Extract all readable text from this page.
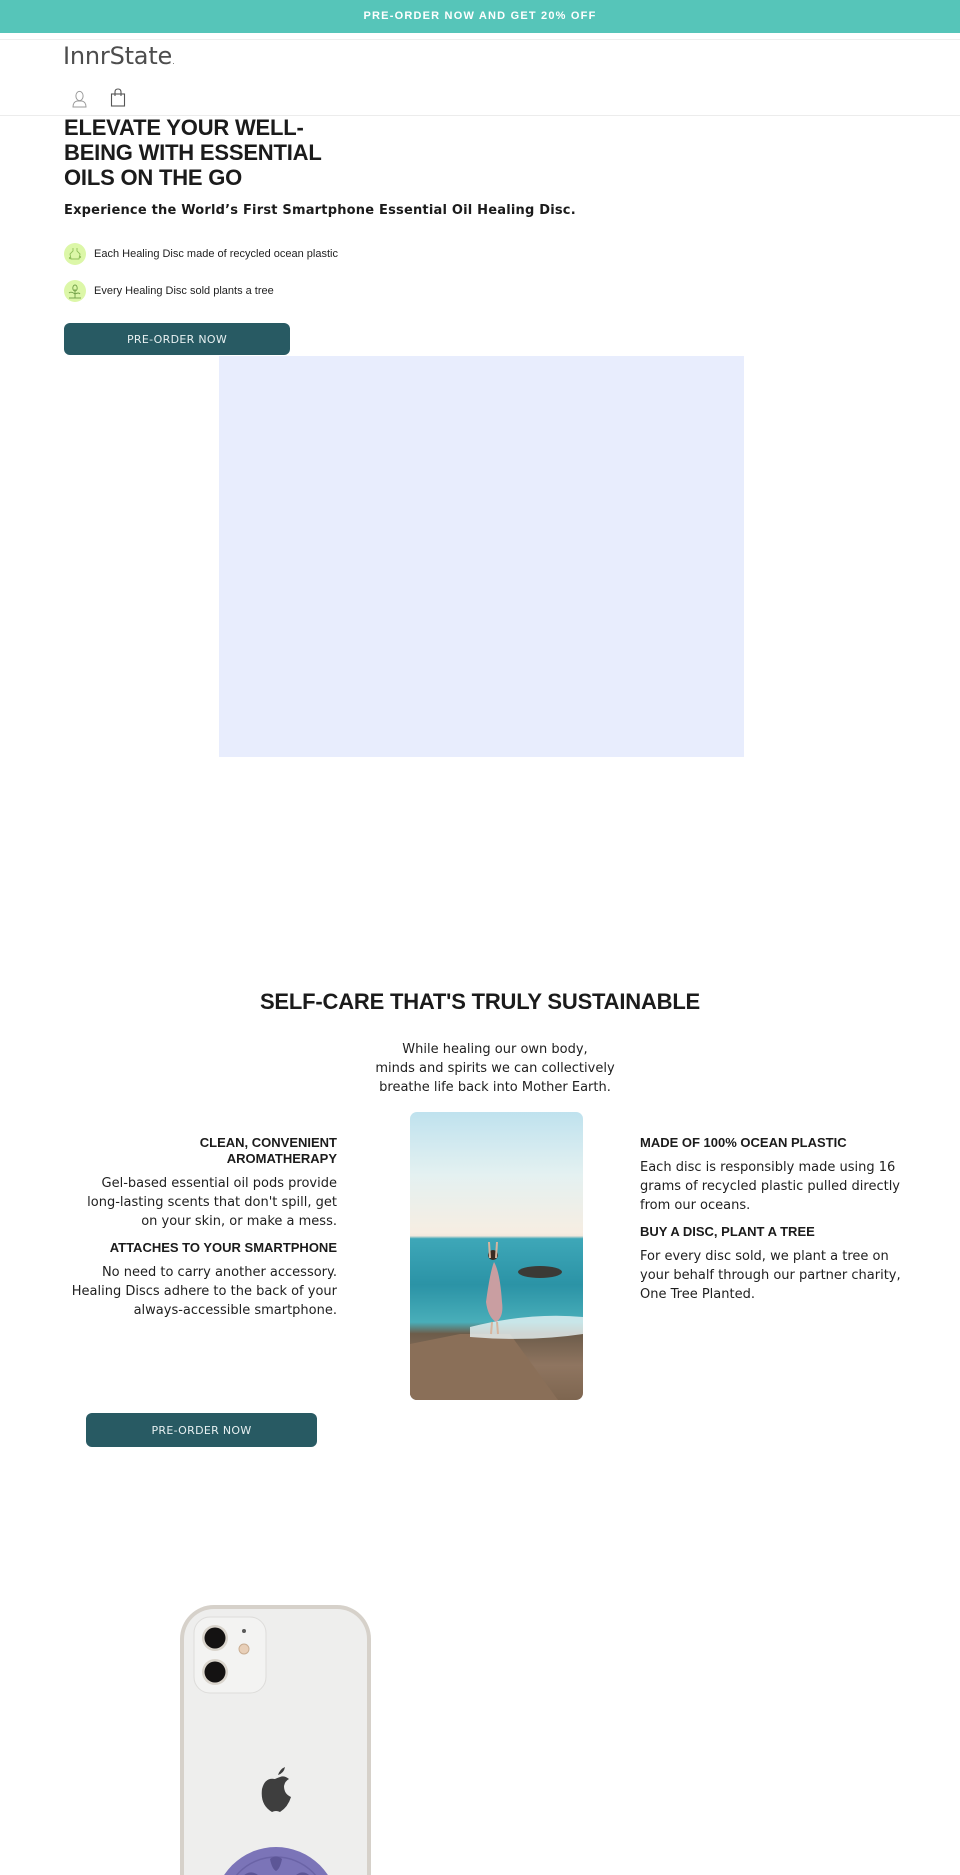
PRE-ORDER NOW AND GET 20% OFF
InnrState.
ELEVATE YOUR WELL-
BEING WITH ESSENTIAL
OILS ON THE GO
Experience the World’s First Smartphone Essential Oil Healing Disc.
Each Healing Disc made of recycled ocean plastic
Every Healing Disc sold plants a tree
PRE-ORDER NOW
SELF-CARE THAT'S TRULY SUSTAINABLE
While healing our own body,
minds and spirits we can collectively
breathe life back into Mother Earth.
CLEAN, CONVENIENT
AROMATHERAPY
Gel-based essential oil pods provide
long-lasting scents that don't spill, get
on your skin, or make a mess.
ATTACHES TO YOUR SMARTPHONE
No need to carry another accessory.
Healing Discs adhere to the back of your
always-accessible smartphone.
MADE OF 100% OCEAN PLASTIC
Each disc is responsibly made using 16
grams of recycled plastic pulled directly
from our oceans.
BUY A DISC, PLANT A TREE
For every disc sold, we plant a tree on
your behalf through our partner charity,
One Tree Planted.
PRE-ORDER NOW
